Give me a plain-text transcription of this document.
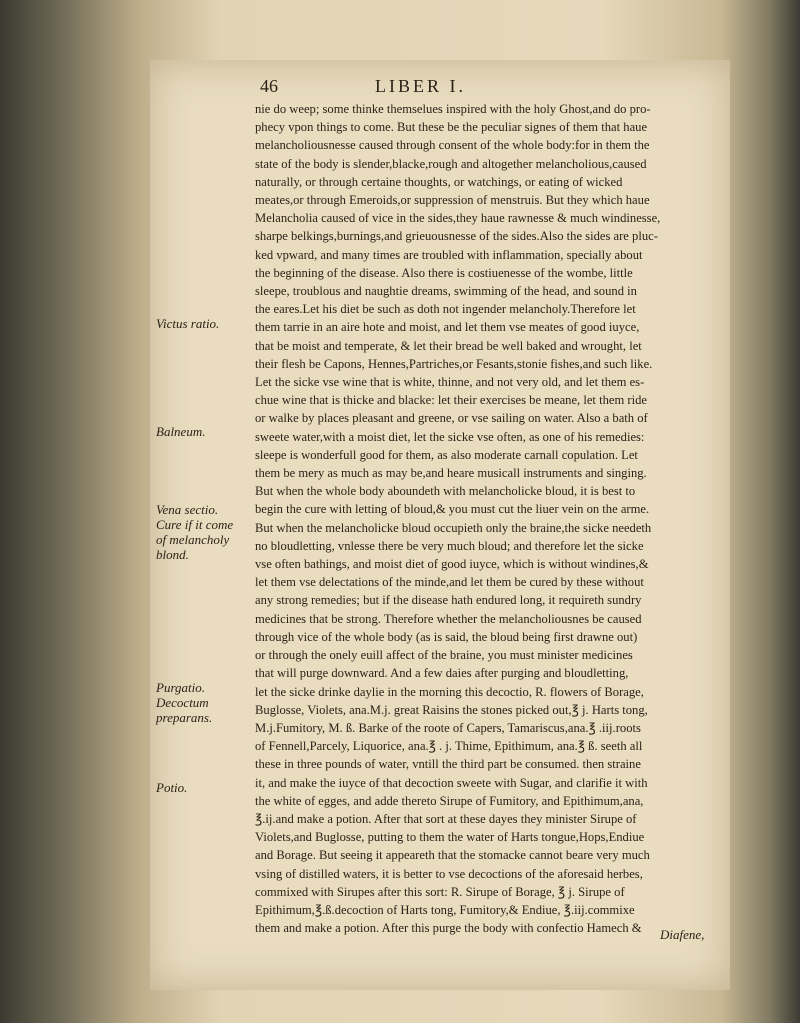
46	LIBER I.
Victus ratio.
Balneum.
Vena sectio.
Cure if it come
of melancholy
blond.
Purgatio.
Decoctum
preparans.
Potio.
nie do weep; some thinke themselues inspired with the holy Ghost,and do pro-
phecy vpon things to come. But these be the peculiar signes of them that haue
melancholiousnesse caused through consent of the whole body:for in them the
state of the body is slender,blacke,rough and altogether melancholious,caused
naturally, or through certaine thoughts, or watchings, or eating of wicked
meates,or through Emeroids,or suppression of menstruis. But they which haue
Melancholia caused of vice in the sides,they haue rawnesse & much windinesse,
sharpe belkings,burnings,and grieuousnesse of the sides.Also the sides are pluc-
ked vpward, and many times are troubled with inflammation, specially about
the beginning of the disease. Also there is costiuenesse of the wombe, little
sleepe, troublous and naughtie dreams, swimming of the head, and sound in
the eares.Let his diet be such as doth not ingender melancholy.Therefore let
them tarrie in an aire hote and moist, and let them vse meates of good iuyce,
that be moist and temperate, & let their bread be well baked and wrought, let
their flesh be Capons, Hennes,Partriches,or Fesants,stonie fishes,and such like.
Let the sicke vse wine that is white, thinne, and not very old, and let them es-
chue wine that is thicke and blacke: let their exercises be meane, let them ride
or walke by places pleasant and greene, or vse sailing on water. Also a bath of
sweete water,with a moist diet, let the sicke vse often, as one of his remedies:
sleepe is wonderfull good for them, as also moderate carnall copulation. Let
them be mery as much as may be,and heare musicall instruments and singing.
But when the whole body aboundeth with melancholicke bloud, it is best to
begin the cure with letting of bloud,& you must cut the liuer vein on the arme.
But when the melancholicke bloud occupieth only the braine,the sicke needeth
no bloudletting, vnlesse there be very much bloud; and therefore let the sicke
vse often bathings, and moist diet of good iuyce, which is without windines,&
let them vse delectations of the minde,and let them be cured by these without
any strong remedies; but if the disease hath endured long, it requireth sundry
medicines that be strong. Therefore whether the melancholiousnes be caused
through vice of the whole body (as is said, the bloud being first drawne out)
or through the onely euill affect of the braine, you must minister medicines
that will purge downward. And a few daies after purging and bloudletting,
let the sicke drinke daylie in the morning this decoctio, R. flowers of Borage,
Buglosse, Violets, ana.M.j. great Raisins the stones picked out,℥ j. Harts tong,
M.j.Fumitory, M. ß. Barke of the roote of Capers, Tamariscus,ana.℥ .iij.roots
of Fennell,Parcely, Liquorice, ana.℥ . j. Thime, Epithimum, ana.℥ ß. seeth all
these in three pounds of water, vntill the third part be consumed. then straine
it, and make the iuyce of that decoction sweete with Sugar, and clarifie it with
the white of egges, and adde thereto Sirupe of Fumitory, and Epithimum,ana,
℥.ij.and make a potion. After that sort at these dayes they minister Sirupe of
Violets,and Buglosse, putting to them the water of Harts tongue,Hops,Endiue
and Borage. But seeing it appeareth that the stomacke cannot beare very much
vsing of distilled waters, it is better to vse decoctions of the aforesaid herbes,
commixed with Sirupes after this sort: R. Sirupe of Borage, ℥ j. Sirupe of
Epithimum,℥.ß.decoction of Harts tong, Fumitory,& Endiue, ℥.iij.commixe
them and make a potion. After this purge the body with confectio Hamech &	Diafene,
